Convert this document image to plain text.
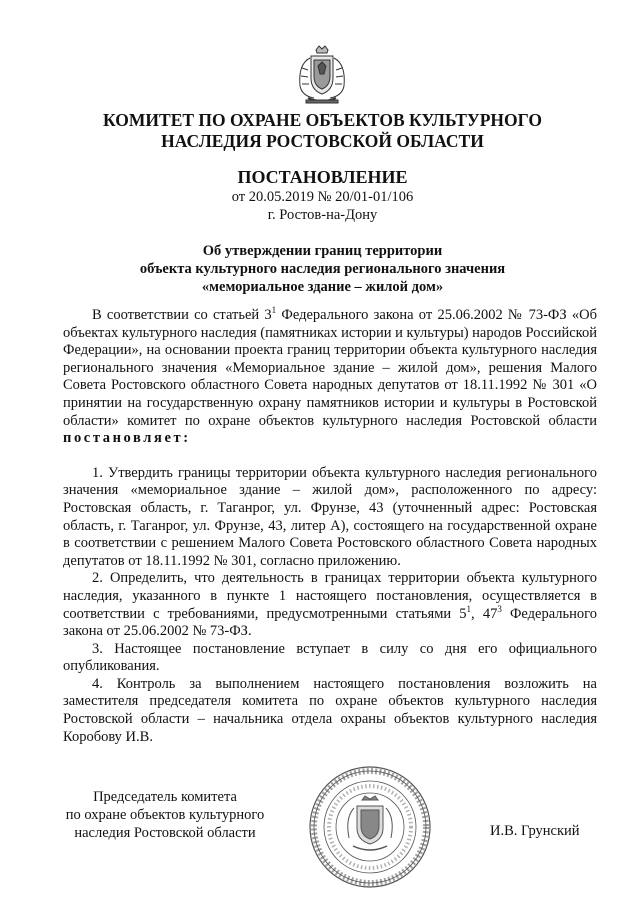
КОМИТЕТ ПО ОХРАНЕ ОБЪЕКТОВ КУЛЬТУРНОГО
НАСЛЕДИЯ РОСТОВСКОЙ ОБЛАСТИ
ПОСТАНОВЛЕНИЕ
от 20.05.2019 № 20/01-01/106
г. Ростов-на-Дону
Об утверждении границ территории
объекта культурного наследия регионального значения
«мемориальное здание – жилой дом»

В соответствии со статьей $3^1$ Федерального закона от 25.06.2002 № 73-ФЗ «Об объектах культурного наследия (памятниках истории и культуры) народов Российской Федерации», на основании проекта границ территории объекта культурного наследия регионального значения «Мемориальное здание – жилой дом», решения Малого Совета Ростовского областного Совета народных депутатов от 18.11.1992 № 301 «О принятии на государственную охрану памятников истории и культуры в Ростовской области» комитет по охране объектов культурного наследия Ростовской области постановляет:

1. Утвердить границы территории объекта культурного наследия регионального значения «мемориальное здание – жилой дом», расположенного по адресу: Ростовская область, г. Таганрог, ул. Фрунзе, 43 (уточненный адрес: Ростовская область, г. Таганрог, ул. Фрунзе, 43, литер А), состоящего на государственной охране в соответствии с решением Малого Совета Ростовского областного Совета народных депутатов от 18.11.1992 № 301, согласно приложению.

2. Определить, что деятельность в границах территории объекта культурного наследия, указанного в пункте 1 настоящего постановления, осуществляется в соответствии с требованиями, предусмотренными статьями $5^1$, $47^3$ Федерального закона от 25.06.2002 № 73-ФЗ.

3. Настоящее постановление вступает в силу со дня его официального опубликования.

4. Контроль за выполнением настоящего постановления возложить на заместителя председателя комитета по охране объектов культурного наследия Ростовской области – начальника отдела охраны объектов культурного наследия Коробову И.В.

Председатель комитета
по охране объектов культурного
наследия Ростовской области	И.В. Грунский
